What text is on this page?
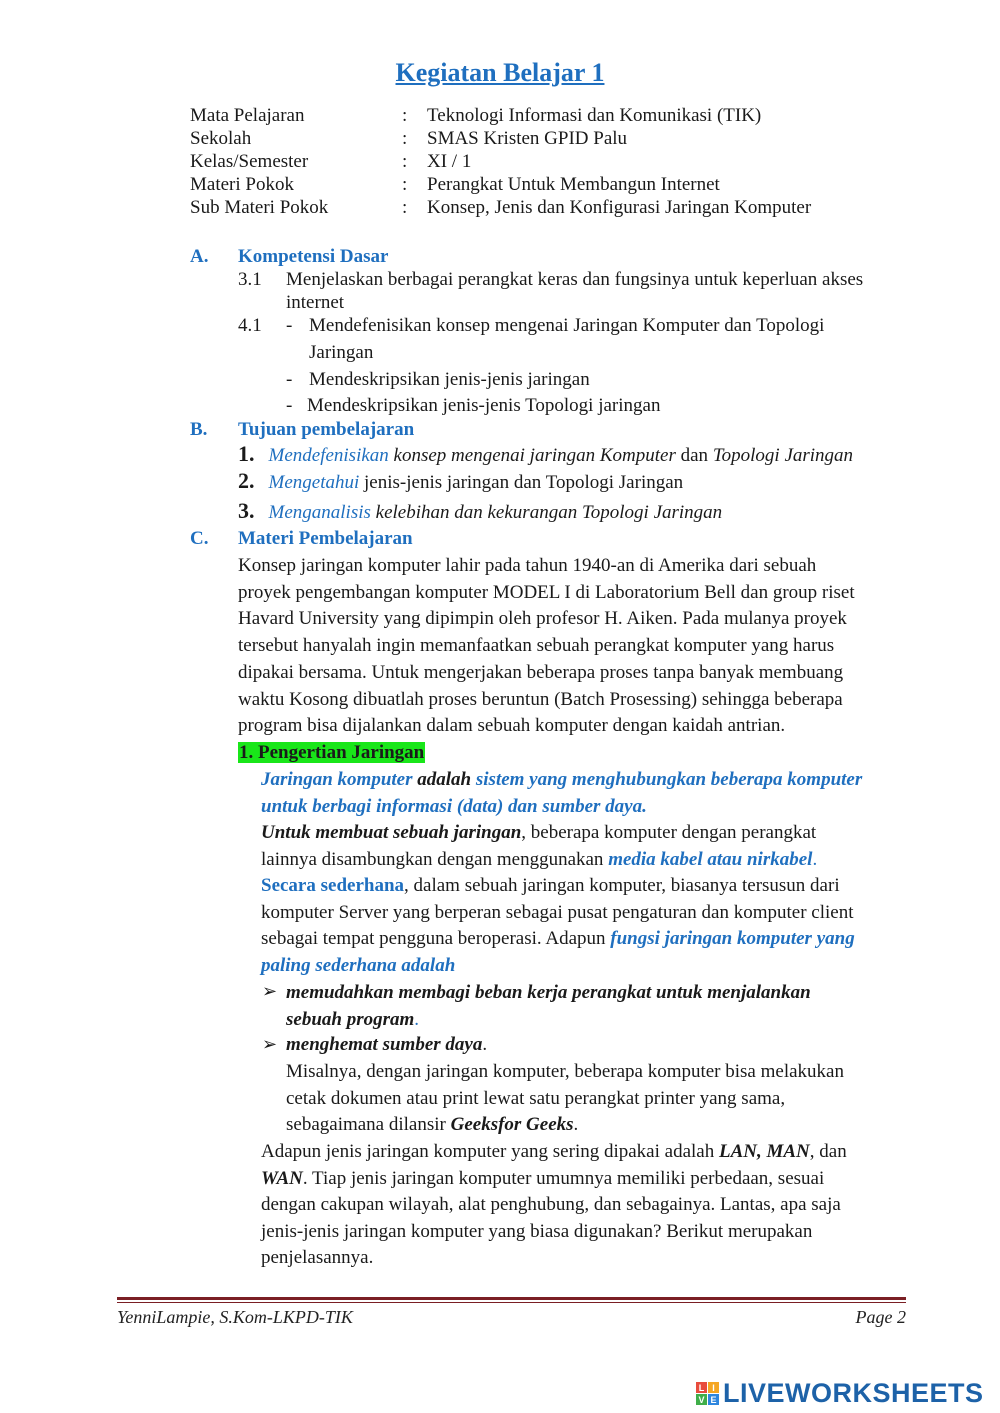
Kegiatan Belajar 1
Mata Pelajaran	:	Teknologi Informasi dan Komunikasi (TIK)
Sekolah	:	SMAS Kristen GPID Palu
Kelas/Semester	:	XI / 1
Materi Pokok	:	Perangkat Untuk Membangun Internet
Sub Materi Pokok	:	Konsep, Jenis dan Konfigurasi Jaringan Komputer
A. Kompetensi Dasar
3.1 Menjelaskan berbagai perangkat keras dan fungsinya untuk keperluan akses
internet
4.1 - Mendefenisikan konsep mengenai Jaringan Komputer dan Topologi
Jaringan
- Mendeskripsikan jenis-jenis jaringan
- Mendeskripsikan jenis-jenis Topologi jaringan
B. Tujuan pembelajaran
1. Mendefenisikan konsep mengenai jaringan Komputer dan Topologi Jaringan
2. Mengetahui jenis-jenis jaringan dan Topologi Jaringan
3. Menganalisis kelebihan dan kekurangan Topologi Jaringan
C. Materi Pembelajaran
Konsep jaringan komputer lahir pada tahun 1940-an di Amerika dari sebuah
proyek pengembangan komputer MODEL I di Laboratorium Bell dan group riset
Havard University yang dipimpin oleh profesor H. Aiken. Pada mulanya proyek
tersebut hanyalah ingin memanfaatkan sebuah perangkat komputer yang harus
dipakai bersama. Untuk mengerjakan beberapa proses tanpa banyak membuang
waktu Kosong dibuatlah proses beruntun (Batch Prosessing) sehingga beberapa
program bisa dijalankan dalam sebuah komputer dengan kaidah antrian.
1. Pengertian Jaringan
Jaringan komputer adalah sistem yang menghubungkan beberapa komputer
untuk berbagi informasi (data) dan sumber daya.
Untuk membuat sebuah jaringan, beberapa komputer dengan perangkat
lainnya disambungkan dengan menggunakan media kabel atau nirkabel.
Secara sederhana, dalam sebuah jaringan komputer, biasanya tersusun dari
komputer Server yang berperan sebagai pusat pengaturan dan komputer client
sebagai tempat pengguna beroperasi. Adapun fungsi jaringan komputer yang
paling sederhana adalah
➢ memudahkan membagi beban kerja perangkat untuk menjalankan
sebuah program.
➢ menghemat sumber daya.
Misalnya, dengan jaringan komputer, beberapa komputer bisa melakukan
cetak dokumen atau print lewat satu perangkat printer yang sama,
sebagaimana dilansir Geeksfor Geeks.
Adapun jenis jaringan komputer yang sering dipakai adalah LAN, MAN, dan
WAN. Tiap jenis jaringan komputer umumnya memiliki perbedaan, sesuai
dengan cakupan wilayah, alat penghubung, dan sebagainya. Lantas, apa saja
jenis-jenis jaringan komputer yang biasa digunakan? Berikut merupakan
penjelasannya.
YenniLampie, S.Kom-LKPD-TIK	Page 2
L I
V E LIVEWORKSHEETS
